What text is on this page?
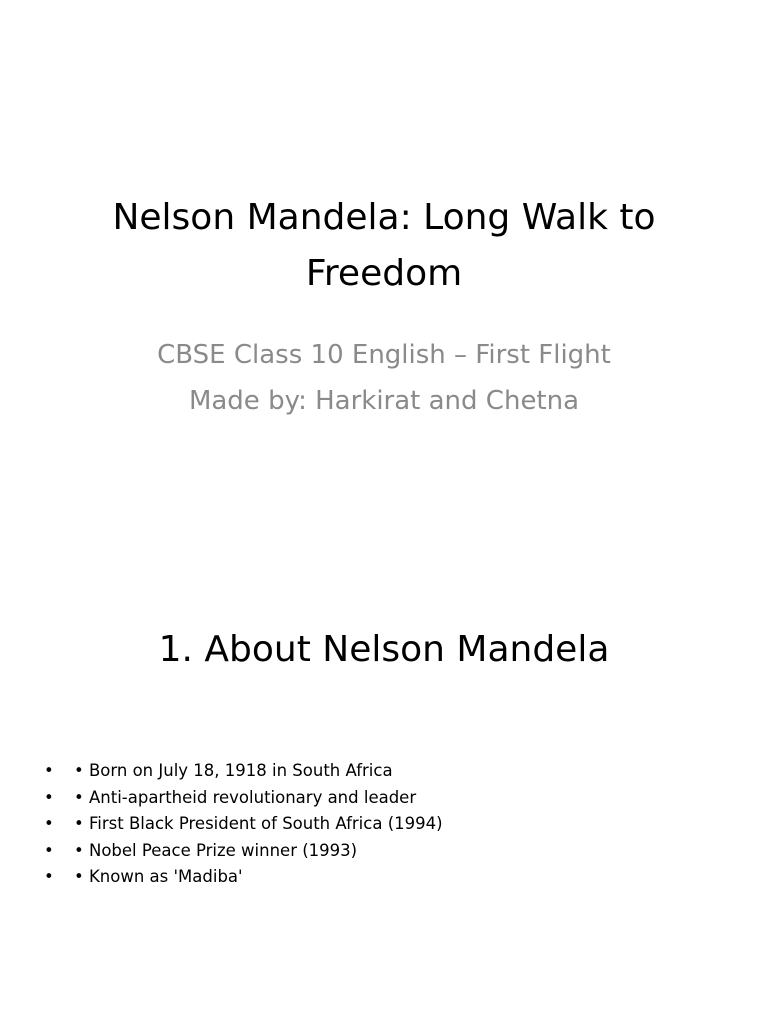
Nelson Mandela: Long Walk to
Freedom
CBSE Class 10 English – First Flight
Made by: Harkirat and Chetna
1. About Nelson Mandela
• • Born on July 18, 1918 in South Africa
• • Anti-apartheid revolutionary and leader
• • First Black President of South Africa (1994)
• • Nobel Peace Prize winner (1993)
• • Known as 'Madiba'
